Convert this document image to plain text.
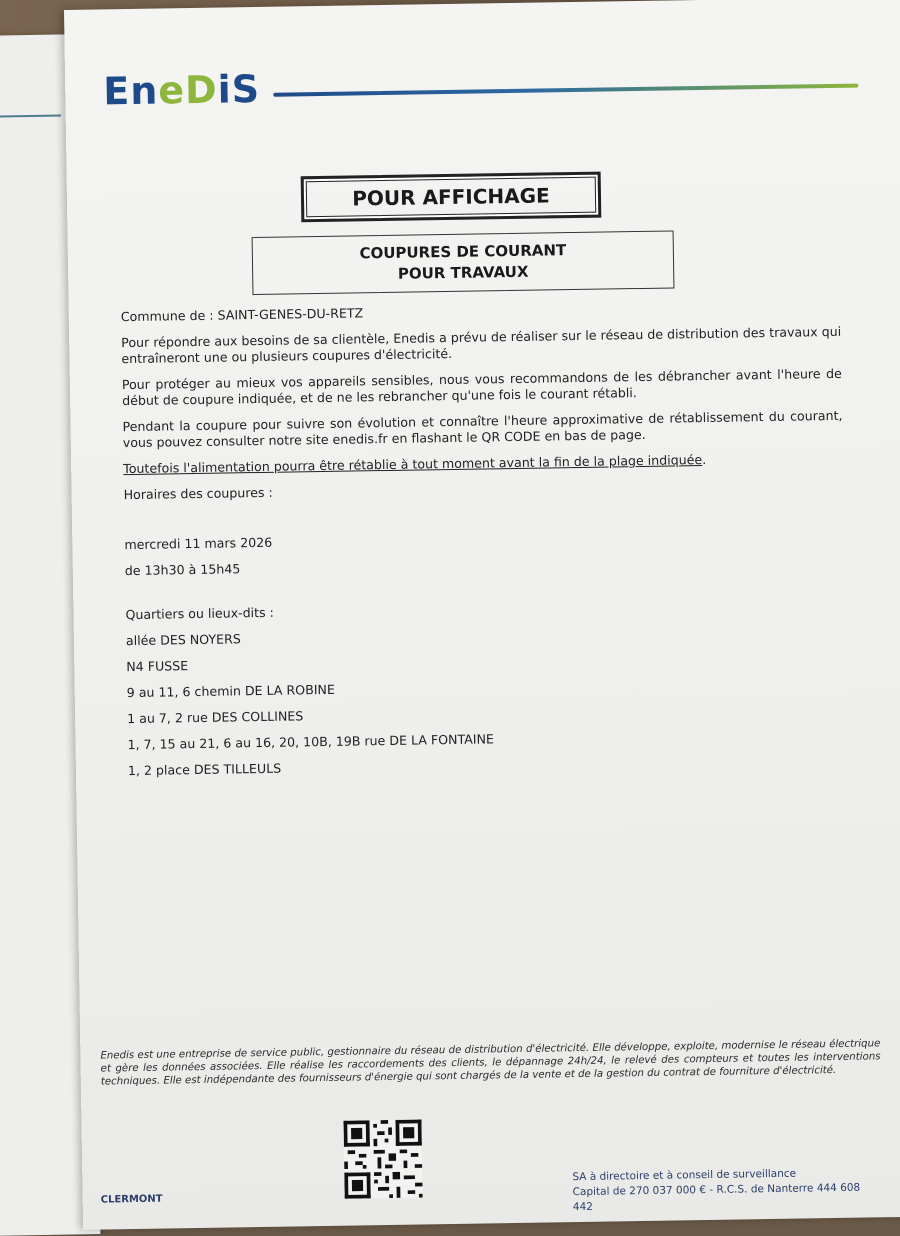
EneDiS
POUR AFFICHAGE
COUPURES DE COURANT
POUR TRAVAUX

Commune de : SAINT-GENES-DU-RETZ

Pour répondre aux besoins de sa clientèle, Enedis a prévu de réaliser sur le réseau de distribution des travaux qui entraîneront une ou plusieurs coupures d'électricité.

Pour protéger au mieux vos appareils sensibles, nous vous recommandons de les débrancher avant l'heure de début de coupure indiquée, et de ne les rebrancher qu'une fois le courant rétabli.

Pendant la coupure pour suivre son évolution et connaître l'heure approximative de rétablissement du courant, vous pouvez consulter notre site enedis.fr en flashant le QR CODE en bas de page.

Toutefois l'alimentation pourra être rétablie à tout moment avant la fin de la plage indiquée.

Horaires des coupures :

mercredi 11 mars 2026

de 13h30 à 15h45

Quartiers ou lieux-dits :

allée DES NOYERS

N4 FUSSE

9 au 11, 6 chemin DE LA ROBINE

1 au 7, 2 rue DES COLLINES

1, 7, 15 au 21, 6 au 16, 20, 10B, 19B rue DE LA FONTAINE

1, 2 place DES TILLEULS

Enedis est une entreprise de service public, gestionnaire du réseau de distribution d'électricité. Elle développe, exploite, modernise le réseau électrique et gère les données associées. Elle réalise les raccordements des clients, le dépannage 24h/24, le relevé des compteurs et toutes les interventions techniques. Elle est indépendante des fournisseurs d'énergie qui sont chargés de la vente et de la gestion du contrat de fourniture d'électricité.
CLERMONT
SA à directoire et à conseil de surveillance
Capital de 270 037 000 € - R.C.S. de Nanterre 444 608 442
